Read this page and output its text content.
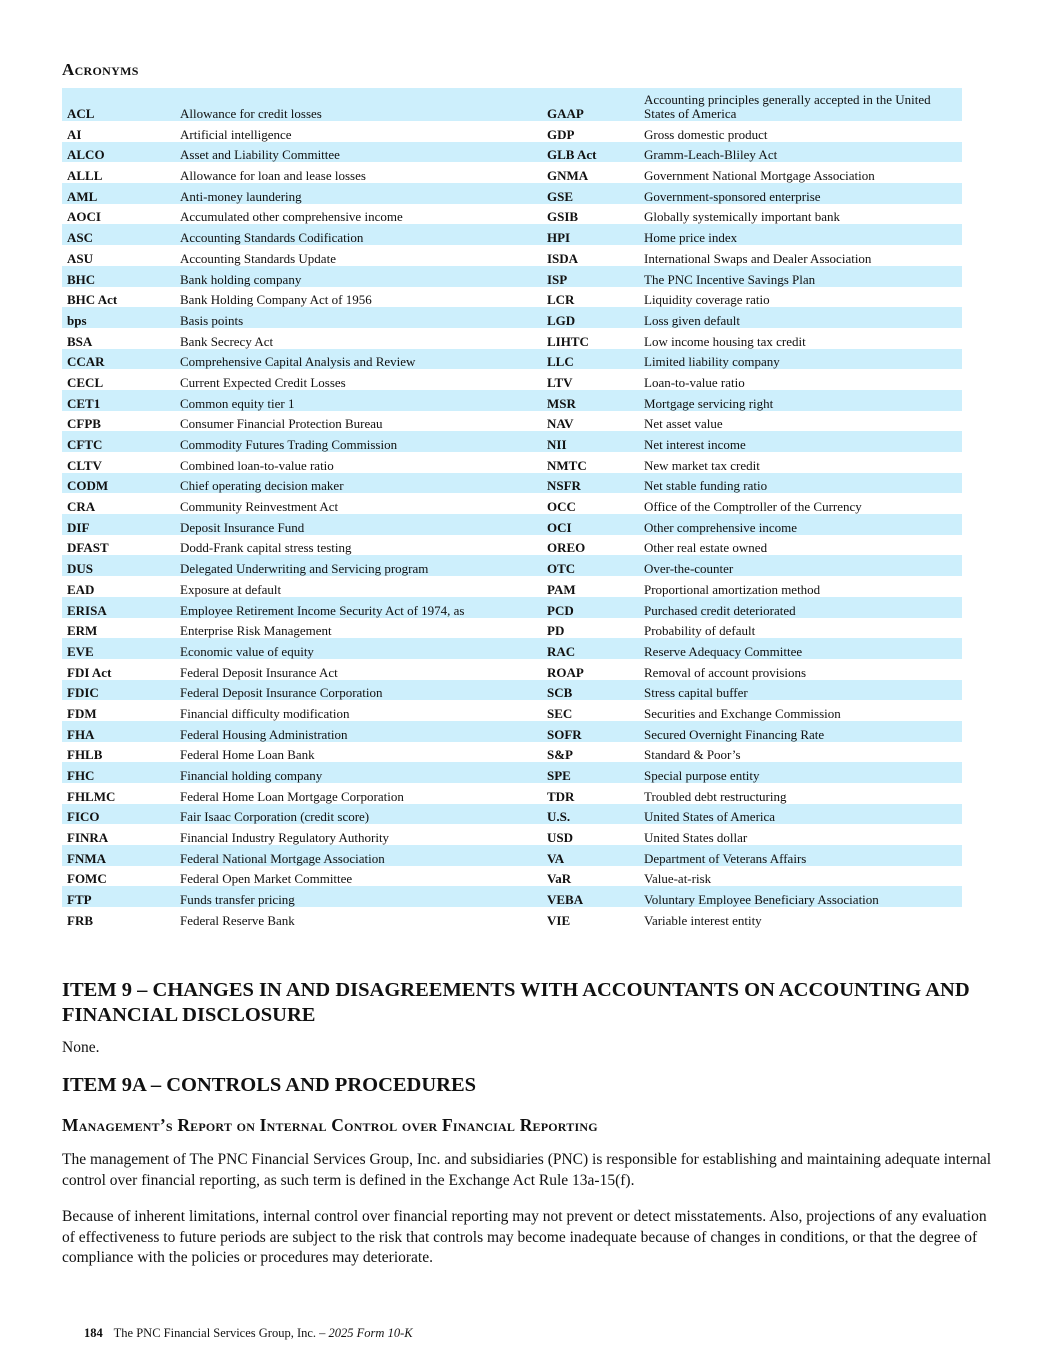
Acronyms
ACL	Allowance for credit losses	GAAP	Accounting principles generally accepted in the United States of America
AI	Artificial intelligence	GDP	Gross domestic product
ALCO	Asset and Liability Committee	GLB Act	Gramm-Leach-Bliley Act
ALLL	Allowance for loan and lease losses	GNMA	Government National Mortgage Association
AML	Anti-money laundering	GSE	Government-sponsored enterprise
AOCI	Accumulated other comprehensive income	GSIB	Globally systemically important bank
ASC	Accounting Standards Codification	HPI	Home price index
ASU	Accounting Standards Update	ISDA	International Swaps and Dealer Association
BHC	Bank holding company	ISP	The PNC Incentive Savings Plan
BHC Act	Bank Holding Company Act of 1956	LCR	Liquidity coverage ratio
bps	Basis points	LGD	Loss given default
BSA	Bank Secrecy Act	LIHTC	Low income housing tax credit
CCAR	Comprehensive Capital Analysis and Review	LLC	Limited liability company
CECL	Current Expected Credit Losses	LTV	Loan-to-value ratio
CET1	Common equity tier 1	MSR	Mortgage servicing right
CFPB	Consumer Financial Protection Bureau	NAV	Net asset value
CFTC	Commodity Futures Trading Commission	NII	Net interest income
CLTV	Combined loan-to-value ratio	NMTC	New market tax credit
CODM	Chief operating decision maker	NSFR	Net stable funding ratio
CRA	Community Reinvestment Act	OCC	Office of the Comptroller of the Currency
DIF	Deposit Insurance Fund	OCI	Other comprehensive income
DFAST	Dodd-Frank capital stress testing	OREO	Other real estate owned
DUS	Delegated Underwriting and Servicing program	OTC	Over-the-counter
EAD	Exposure at default	PAM	Proportional amortization method
ERISA	Employee Retirement Income Security Act of 1974, as	PCD	Purchased credit deteriorated
ERM	Enterprise Risk Management	PD	Probability of default
EVE	Economic value of equity	RAC	Reserve Adequacy Committee
FDI Act	Federal Deposit Insurance Act	ROAP	Removal of account provisions
FDIC	Federal Deposit Insurance Corporation	SCB	Stress capital buffer
FDM	Financial difficulty modification	SEC	Securities and Exchange Commission
FHA	Federal Housing Administration	SOFR	Secured Overnight Financing Rate
FHLB	Federal Home Loan Bank	S&P	Standard & Poor’s
FHC	Financial holding company	SPE	Special purpose entity
FHLMC	Federal Home Loan Mortgage Corporation	TDR	Troubled debt restructuring
FICO	Fair Isaac Corporation (credit score)	U.S.	United States of America
FINRA	Financial Industry Regulatory Authority	USD	United States dollar
FNMA	Federal National Mortgage Association	VA	Department of Veterans Affairs
FOMC	Federal Open Market Committee	VaR	Value-at-risk
FTP	Funds transfer pricing	VEBA	Voluntary Employee Beneficiary Association
FRB	Federal Reserve Bank	VIE	Variable interest entity
ITEM 9 – CHANGES IN AND DISAGREEMENTS WITH ACCOUNTANTS ON ACCOUNTING AND FINANCIAL DISCLOSURE
None.
ITEM 9A – CONTROLS AND PROCEDURES
Management’s Report on Internal Control over Financial Reporting

The management of The PNC Financial Services Group, Inc. and subsidiaries (PNC) is responsible for establishing and maintaining adequate internal control over financial reporting, as such term is defined in the Exchange Act Rule 13a-15(f).

Because of inherent limitations, internal control over financial reporting may not prevent or detect misstatements. Also, projections of any evaluation of effectiveness to future periods are subject to the risk that controls may become inadequate because of changes in conditions, or that the degree of compliance with the policies or procedures may deteriorate.

184 The PNC Financial Services Group, Inc. – 2025 Form 10-K
